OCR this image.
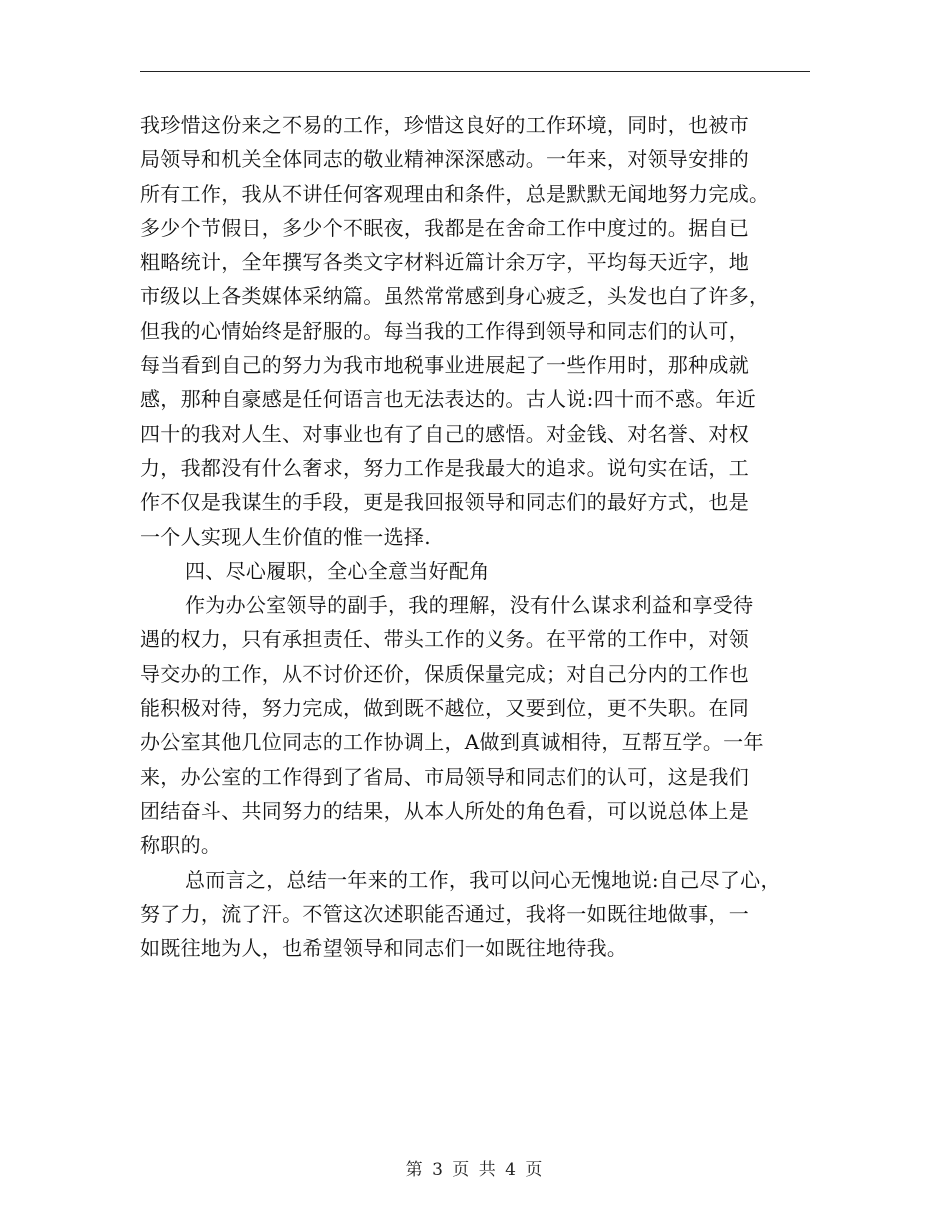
我珍惜这份来之不易的工作，珍惜这良好的工作环境，同时，也被市
局领导和机关全体同志的敬业精神深深感动。一年来，对领导安排的
所有工作，我从不讲任何客观理由和条件，总是默默无闻地努力完成。
多少个节假日，多少个不眠夜，我都是在舍命工作中度过的。据自已
粗略统计，全年撰写各类文字材料近篇计余万字，平均每天近字，地
市级以上各类媒体采纳篇。虽然常常感到身心疲乏，头发也白了许多，
但我的心情始终是舒服的。每当我的工作得到领导和同志们的认可，
每当看到自己的努力为我市地税事业进展起了一些作用时，那种成就
感，那种自豪感是任何语言也无法表达的。古人说:四十而不惑。年近
四十的我对人生、对事业也有了自己的感悟。对金钱、对名誉、对权
力，我都没有什么奢求，努力工作是我最大的追求。说句实在话，工
作不仅是我谋生的手段，更是我回报领导和同志们的最好方式，也是
一个人实现人生价值的惟一选择.
四、尽心履职，全心全意当好配角
作为办公室领导的副手，我的理解，没有什么谋求利益和享受待
遇的权力，只有承担责任、带头工作的义务。在平常的工作中，对领
导交办的工作，从不讨价还价，保质保量完成；对自己分内的工作也
能积极对待，努力完成，做到既不越位，又要到位，更不失职。在同
办公室其他几位同志的工作协调上，A做到真诚相待，互帮互学。一年
来，办公室的工作得到了省局、市局领导和同志们的认可，这是我们
团结奋斗、共同努力的结果，从本人所处的角色看，可以说总体上是
称职的。
总而言之，总结一年来的工作，我可以问心无愧地说:自己尽了心，
努了力，流了汗。不管这次述职能否通过，我将一如既往地做事，一
如既往地为人，也希望领导和同志们一如既往地待我。
第 3 页 共 4 页
